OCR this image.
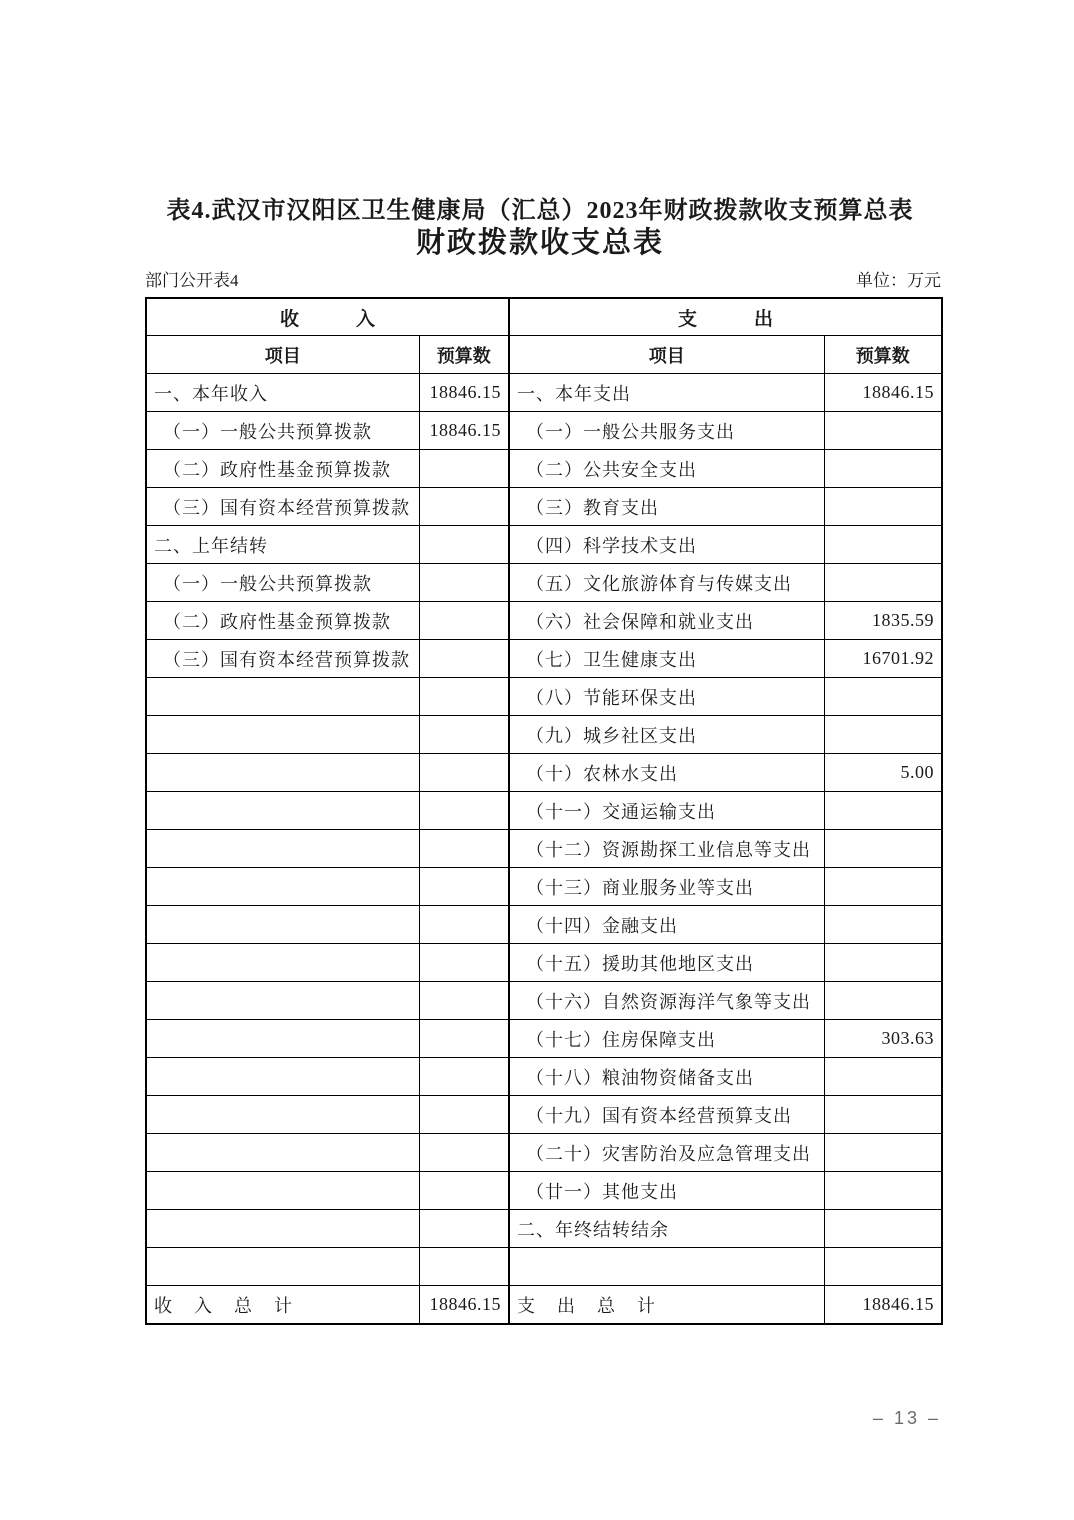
表4.武汉市汉阳区卫生健康局（汇总）2023年财政拨款收支预算总表
财政拨款收支总表
部门公开表4	单位：万元
收　　　入		支　　　出	
项目	预算数	项目	预算数
一、本年收入	18846.15	一、本年支出	18846.15
（一）一般公共预算拨款	18846.15	（一）一般公共服务支出	
（二）政府性基金预算拨款		（二）公共安全支出	
（三）国有资本经营预算拨款		（三）教育支出	
二、上年结转		（四）科学技术支出	
（一）一般公共预算拨款		（五）文化旅游体育与传媒支出	
（二）政府性基金预算拨款		（六）社会保障和就业支出	1835.59
（三）国有资本经营预算拨款		（七）卫生健康支出	16701.92
		（八）节能环保支出	
		（九）城乡社区支出	
		（十）农林水支出	5.00
		（十一）交通运输支出	
		（十二）资源勘探工业信息等支出	
		（十三）商业服务业等支出	
		（十四）金融支出	
		（十五）援助其他地区支出	
		（十六）自然资源海洋气象等支出	
		（十七）住房保障支出	303.63
		（十八）粮油物资储备支出	
		（十九）国有资本经营预算支出	
		（二十）灾害防治及应急管理支出	
		（廿一）其他支出	
		二、年终结转结余	

收　入　总　计	18846.15	支　出　总　计	18846.15
– 13 –
